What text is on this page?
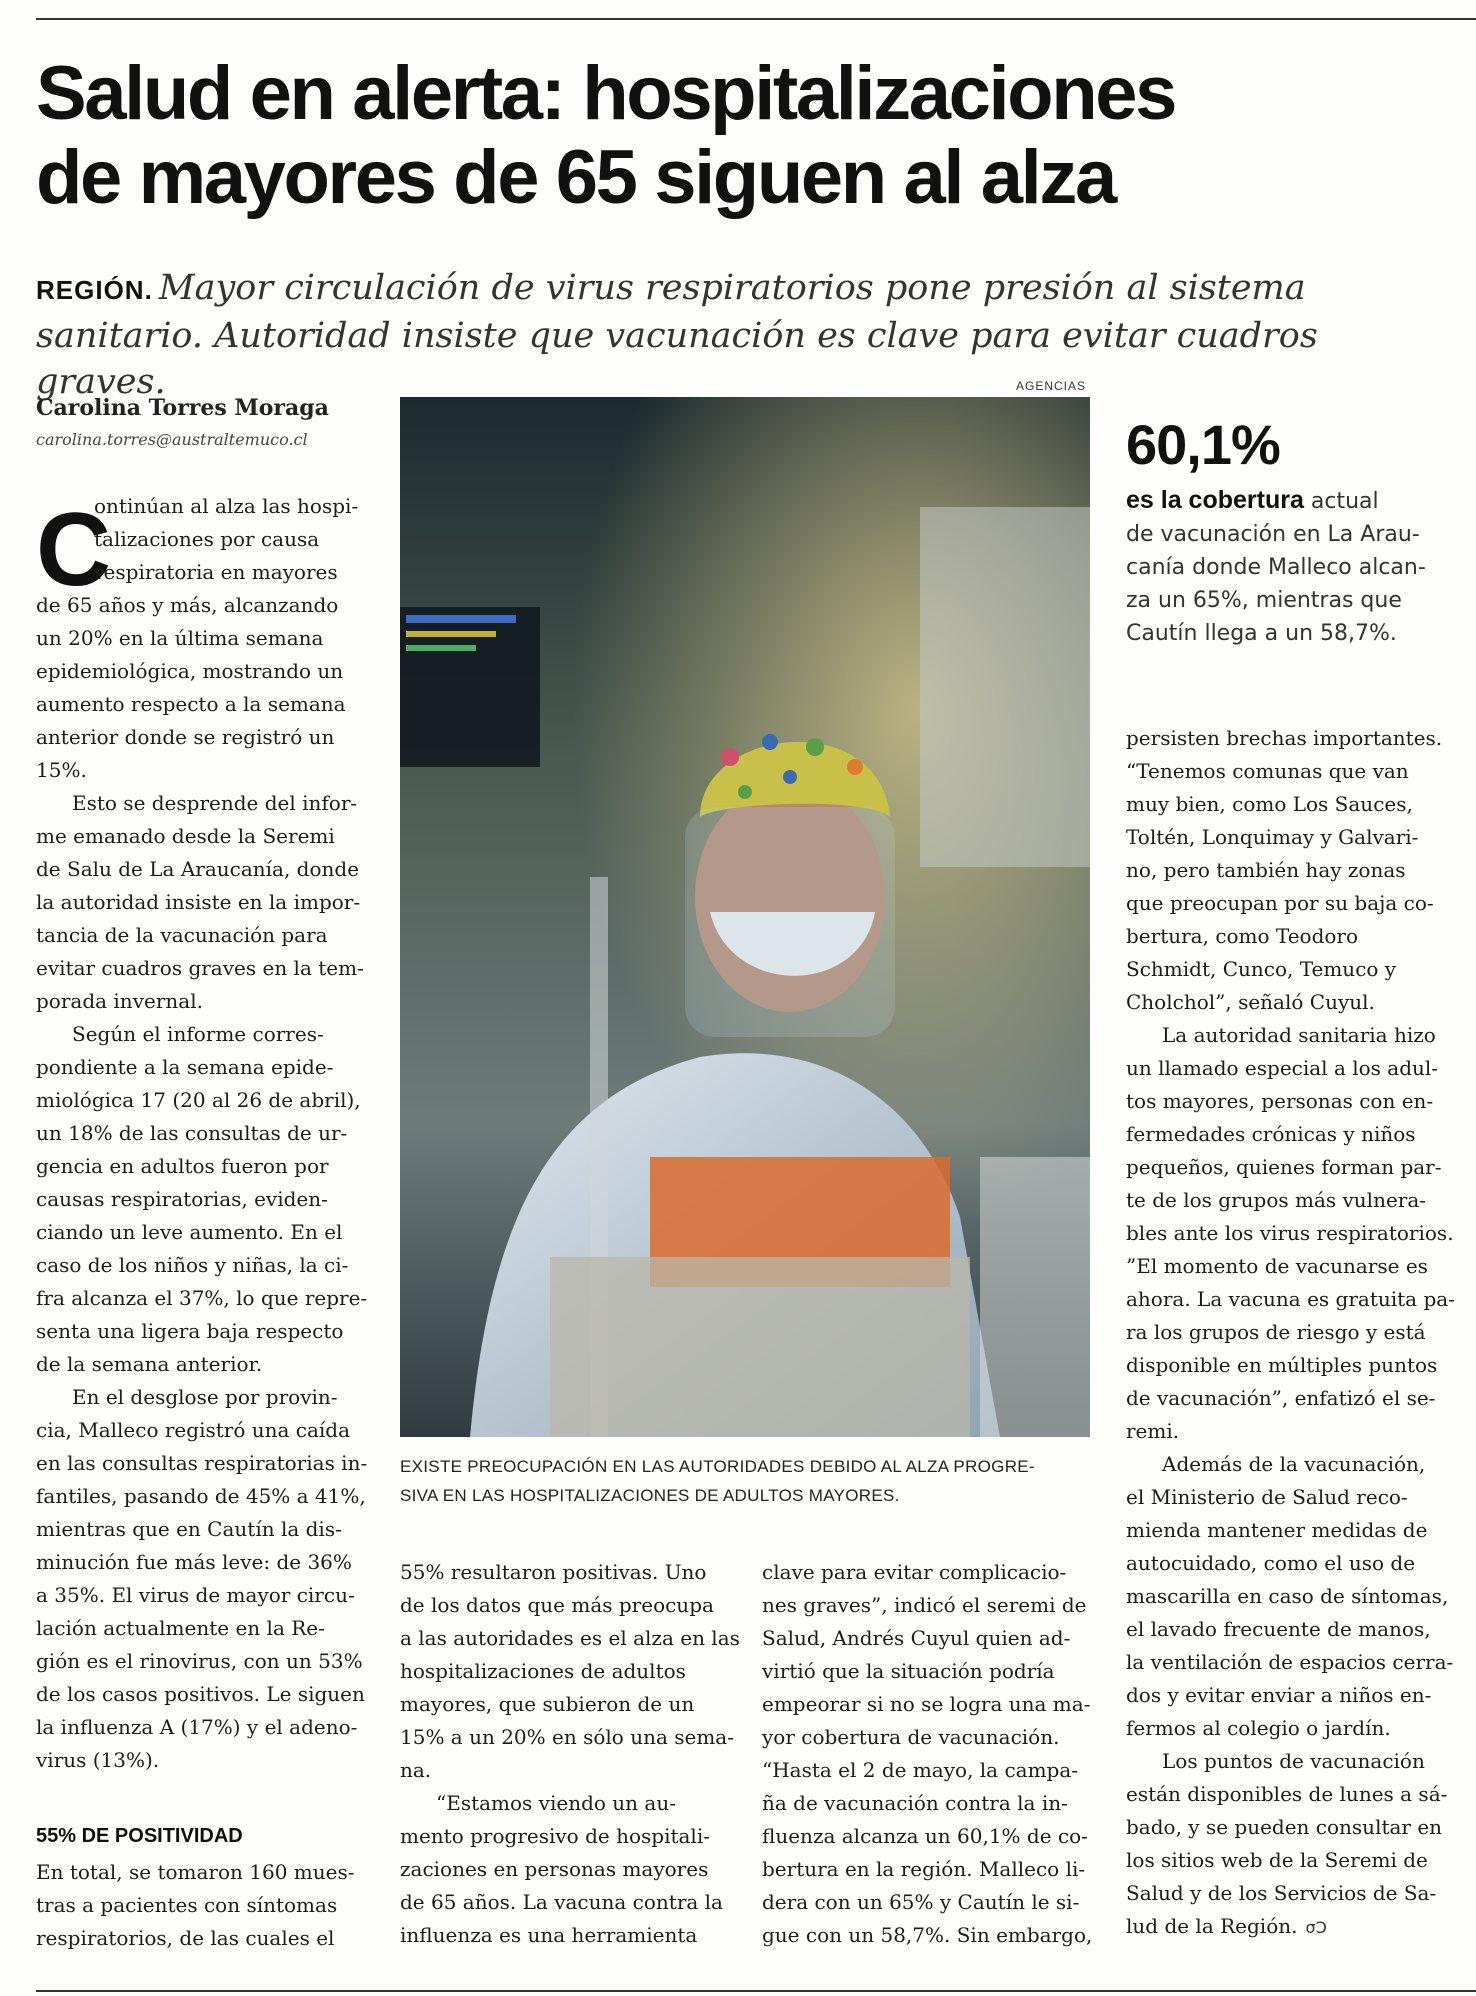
Salud en alerta: hospitalizaciones
de mayores de 65 siguen al alza
REGIÓN. Mayor circulación de virus respiratorios pone presión al sistema
sanitario. Autoridad insiste que vacunación es clave para evitar cuadros graves.
Carolina Torres Moraga
carolina.torres@australtemuco.cl
AGENCIAS
EXISTE PREOCUPACIÓN EN LAS AUTORIDADES DEBIDO AL ALZA PROGRE-
SIVA EN LAS HOSPITALIZACIONES DE ADULTOS MAYORES.
C
ontinúan al alza las hospi-
talizaciones por causa
respiratoria en mayores
de 65 años y más, alcanzando
un 20% en la última semana
epidemiológica, mostrando un
aumento respecto a la semana
anterior donde se registró un
15%.
Esto se desprende del infor-
me emanado desde la Seremi
de Salu de La Araucanía, donde
la autoridad insiste en la impor-
tancia de la vacunación para
evitar cuadros graves en la tem-
porada invernal.
Según el informe corres-
pondiente a la semana epide-
miológica 17 (20 al 26 de abril),
un 18% de las consultas de ur-
gencia en adultos fueron por
causas respiratorias, eviden-
ciando un leve aumento. En el
caso de los niños y niñas, la ci-
fra alcanza el 37%, lo que repre-
senta una ligera baja respecto
de la semana anterior.
En el desglose por provin-
cia, Malleco registró una caída
en las consultas respiratorias in-
fantiles, pasando de 45% a 41%,
mientras que en Cautín la dis-
minución fue más leve: de 36%
a 35%. El virus de mayor circu-
lación actualmente en la Re-
gión es el rinovirus, con un 53%
de los casos positivos. Le siguen
la influenza A (17%) y el adeno-
virus (13%).
55% DE POSITIVIDAD
En total, se tomaron 160 mues-
tras a pacientes con síntomas
respiratorios, de las cuales el
55% resultaron positivas. Uno
de los datos que más preocupa
a las autoridades es el alza en las
hospitalizaciones de adultos
mayores, que subieron de un
15% a un 20% en sólo una sema-
na.
“Estamos viendo un au-
mento progresivo de hospitali-
zaciones en personas mayores
de 65 años. La vacuna contra la
influenza es una herramienta
clave para evitar complicacio-
nes graves”, indicó el seremi de
Salud, Andrés Cuyul quien ad-
virtió que la situación podría
empeorar si no se logra una ma-
yor cobertura de vacunación.
“Hasta el 2 de mayo, la campa-
ña de vacunación contra la in-
fluenza alcanza un 60,1% de co-
bertura en la región. Malleco li-
dera con un 65% y Cautín le si-
gue con un 58,7%. Sin embargo,
60,1%
es la cobertura actual
de vacunación en La Arau-
canía donde Malleco alcan-
za un 65%, mientras que
Cautín llega a un 58,7%.
persisten brechas importantes.
“Tenemos comunas que van
muy bien, como Los Sauces,
Toltén, Lonquimay y Galvari-
no, pero también hay zonas
que preocupan por su baja co-
bertura, como Teodoro
Schmidt, Cunco, Temuco y
Cholchol”, señaló Cuyul.
La autoridad sanitaria hizo
un llamado especial a los adul-
tos mayores, personas con en-
fermedades crónicas y niños
pequeños, quienes forman par-
te de los grupos más vulnera-
bles ante los virus respiratorios.
”El momento de vacunarse es
ahora. La vacuna es gratuita pa-
ra los grupos de riesgo y está
disponible en múltiples puntos
de vacunación”, enfatizó el se-
remi.
Además de la vacunación,
el Ministerio de Salud reco-
mienda mantener medidas de
autocuidado, como el uso de
mascarilla en caso de síntomas,
el lavado frecuente de manos,
la ventilación de espacios cerra-
dos y evitar enviar a niños en-
fermos al colegio o jardín.
Los puntos de vacunación
están disponibles de lunes a sá-
bado, y se pueden consultar en
los sitios web de la Seremi de
Salud y de los Servicios de Sa-
lud de la Región. σↃ
